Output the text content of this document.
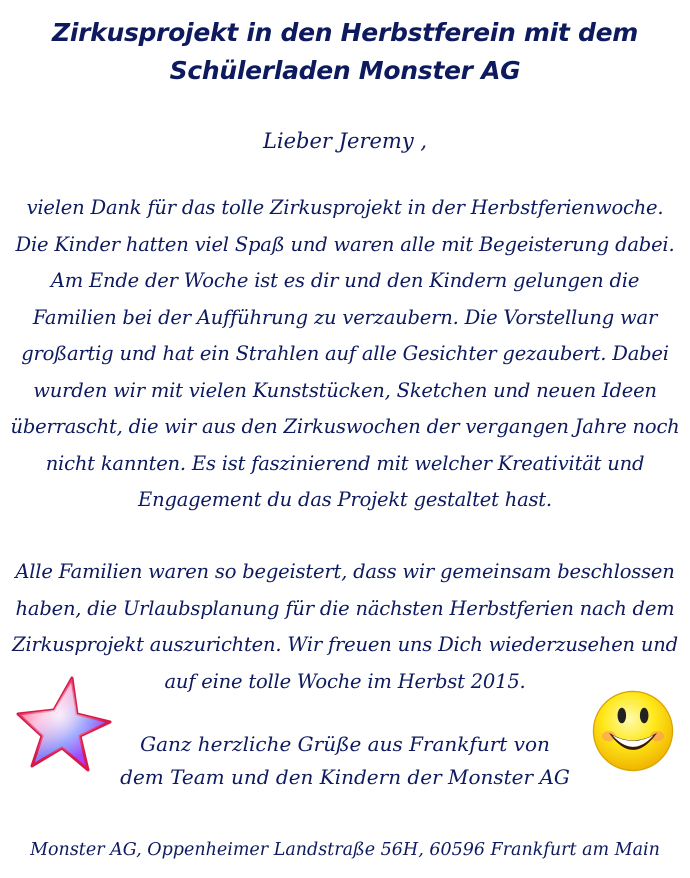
Zirkusprojekt in den Herbstferein mit dem
Schülerladen Monster AG
Lieber Jeremy ,
vielen Dank für das tolle Zirkusprojekt in der Herbstferienwoche. Die Kinder hatten viel Spaß und waren alle mit Begeisterung dabei. Am Ende der Woche ist es dir und den Kindern gelungen die Familien bei der Aufführung zu verzaubern. Die Vorstellung war großartig und hat ein Strahlen auf alle Gesichter gezaubert. Dabei wurden wir mit vielen Kunststücken, Sketchen und neuen Ideen überrascht, die wir aus den Zirkuswochen der vergangen Jahre noch nicht kannten. Es ist faszinierend mit welcher Kreativität und Engagement du das Projekt gestaltet hast.
Alle Familien waren so begeistert, dass wir gemeinsam beschlossen haben, die Urlaubsplanung für die nächsten Herbstferien nach dem Zirkusprojekt auszurichten. Wir freuen uns Dich wiederzusehen und auf eine tolle Woche im Herbst 2015.
Ganz herzliche Grüße aus Frankfurt von
dem Team und den Kindern der Monster AG
Monster AG, Oppenheimer Landstraße 56H, 60596 Frankfurt am Main
